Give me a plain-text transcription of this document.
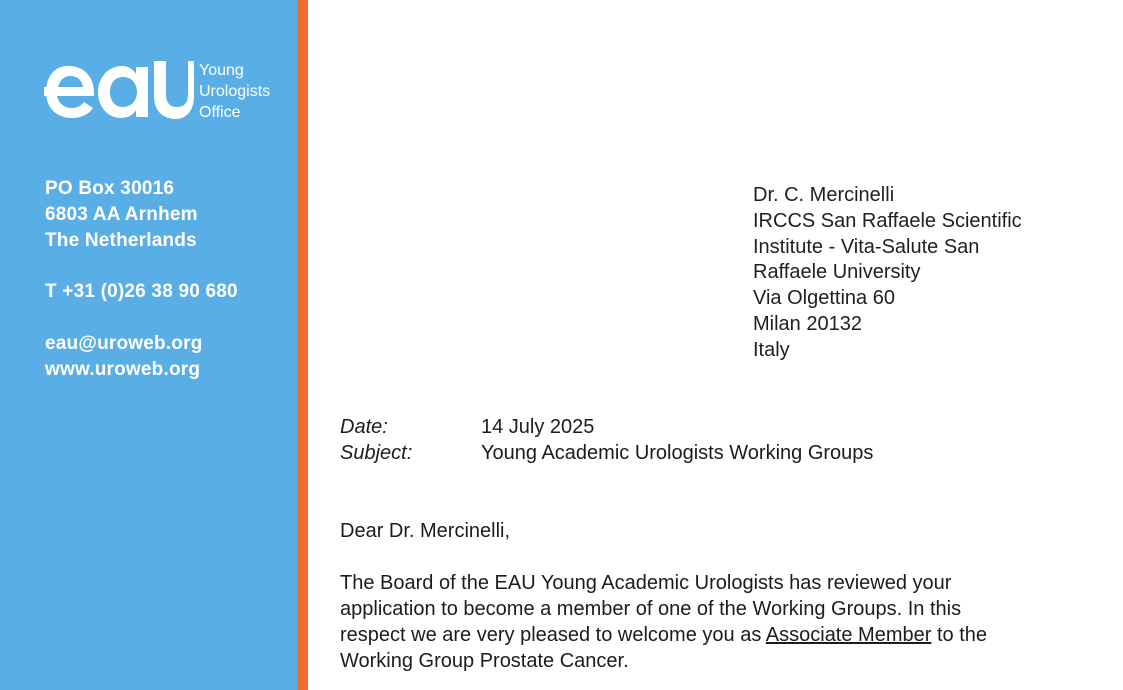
Young
Urologists
Office
PO Box 30016
6803 AA Arnhem
The Netherlands
T +31 (0)26 38 90 680
eau@uroweb.org
www.uroweb.org
Dr. C. Mercinelli
IRCCS San Raffaele Scientific
Institute - Vita-Salute San
Raffaele University
Via Olgettina 60
Milan 20132
Italy
Date:	14 July 2025
Subject:	Young Academic Urologists Working Groups
Dear Dr. Mercinelli,
The Board of the EAU Young Academic Urologists has reviewed your
application to become a member of one of the Working Groups. In this
respect we are very pleased to welcome you as Associate Member to the
Working Group Prostate Cancer.
